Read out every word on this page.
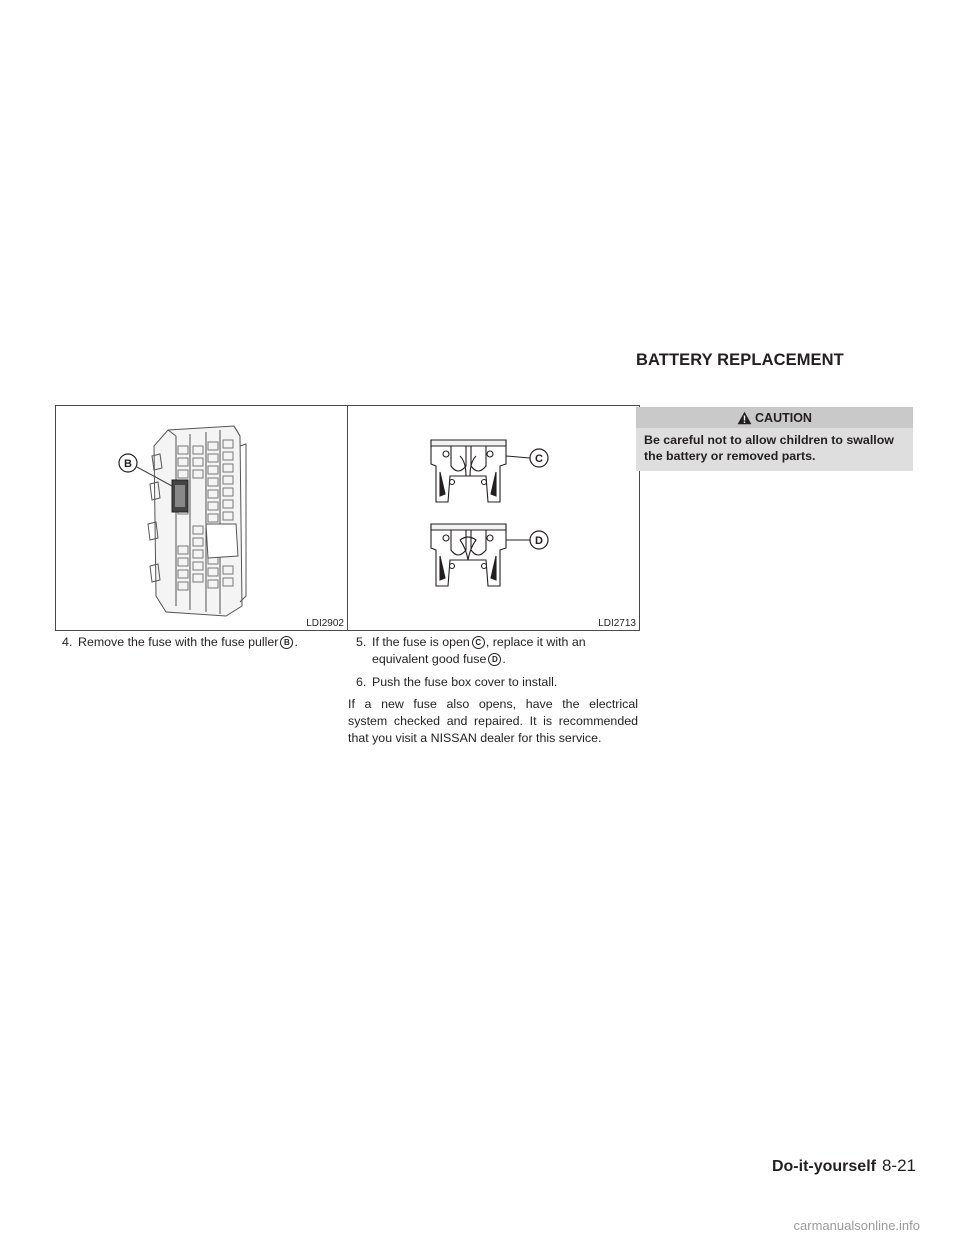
BATTERY REPLACEMENT
B
LDI2902
C
D
LDI2713
4. Remove the fuse with the fuse puller B .	5. If the fuse is open C , replace it with an
equivalent good fuse D .
6. Push the fuse box cover to install.
If a new fuse also opens, have the electrical
system checked and repaired. It is recommended
that you visit a NISSAN dealer for this service.
CAUTION
Be careful not to allow children to swallow
the battery or removed parts.
Do-it-yourself 8-21
carmanualsonline.info
